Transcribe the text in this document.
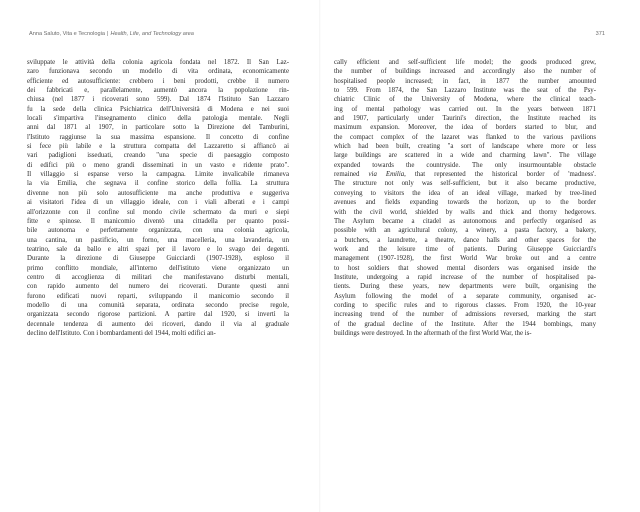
Anna Saluto, Vita e Tecnologia | Health, Life, and Technology area	371
sviluppate le attività della colonia agricola fondata nel 1872. Il San Laz-
zaro funzionava secondo un modello di vita ordinata, economicamente
efficiente ed autosufficiente: crebbero i beni prodotti, crebbe il numero
dei fabbricati e, parallelamente, aumentò ancora la popolazione rin-
chiusa (nel 1877 i ricoverati sono 599). Dal 1874 l'Istituto San Lazzaro
fu la sede della clinica Psichiatrica dell'Università di Modena e nei suoi
locali s'impartiva l'insegnamento clinico della patologia mentale. Negli
anni dal 1871 al 1907, in particolare sotto la Direzione del Tamburini,
l'Istituto raggiunse la sua massima espansione. Il concetto di confine
si fece più labile e la struttura compatta del Lazzaretto si affiancò ai
vari padiglioni isseduati, creando "una specie di paesaggio composto
di edifici più o meno grandi disseminati in un vasto e ridente prato".
Il villaggio si espanse verso la campagna. Limite invalicabile rimaneva
la via Emilia, che segnava il confine storico della follia. La struttura
divenne non più solo autosufficiente ma anche produttiva e suggeriva
ai visitatori l'idea di un villaggio ideale, con i viali alberati e i campi
all'orizzonte con il confine sul mondo civile schermato da muri e siepi
fitte e spinose. Il manicomio diventò una cittadella per quanto possi-
bile autonoma e perfettamente organizzata, con una colonia agricola,
una cantina, un pastificio, un forno, una macelleria, una lavanderia, un
teatrino, sale da ballo e altri spazi per il lavoro e lo svago dei degenti.
Durante la direzione di Giuseppe Guicciardi (1907-1928), esploso il
primo conflitto mondiale, all'interno dell'istituto viene organizzato un
centro di accoglienza di militari che manifestavano disturbi mentali,
con rapido aumento del numero dei ricoverati. Durante questi anni
furono edificati nuovi reparti, sviluppando il manicomio secondo il
modello di una comunità separata, ordinata secondo precise regole,
organizzata secondo rigorose partizioni. A partire dal 1920, si invertì la
decennale tendenza di aumento dei ricoveri, dando il via al graduale
declino dell'Istituto. Con i bombardamenti del 1944, molti edifici an-
cally efficient and self-sufficient life model; the goods produced grew,
the number of buildings increased and accordingly also the number of
hospitalised people increased; in fact, in 1877 the number amounted
to 599. From 1874, the San Lazzaro Institute was the seat of the Psy-
chiatric Clinic of the University of Modena, where the clinical teach-
ing of mental pathology was carried out. In the years between 1871
and 1907, particularly under Taurini's direction, the Institute reached its
maximum expansion. Moreover, the idea of borders started to blur, and
the compact complex of the lazaret was flanked to the various pavilions
which had been built, creating "a sort of landscape where more or less
large buildings are scattered in a wide and charming lawn". The village
expanded towards the countryside. The only insurmountable obstacle
remained via Emilia, that represented the historical border of 'madness'.
The structure not only was self-sufficient, but it also became productive,
conveying to visitors the idea of an ideal village, marked by tree-lined
avenues and fields expanding towards the horizon, up to the border
with the civil world, shielded by walls and thick and thorny hedgerows.
The Asylum became a citadel as autonomous and perfectly organised as
possible with an agricultural colony, a winery, a pasta factory, a bakery,
a butchers, a laundrette, a theatre, dance halls and other spaces for the
work and the leisure time of patients. During Giuseppe Guicciardi's
management (1907-1928), the first World War broke out and a centre
to host soldiers that showed mental disorders was organised inside the
Institute, undergoing a rapid increase of the number of hospitalised pa-
tients. During these years, new departments were built, organising the
Asylum following the model of a separate community, organised ac-
cording to specific rules and to rigorous classes. From 1920, the 10-year
increasing trend of the number of admissions reversed, marking the start
of the gradual decline of the Institute. After the 1944 bombings, many
buildings were destroyed. In the aftermath of the first World War, the is-
